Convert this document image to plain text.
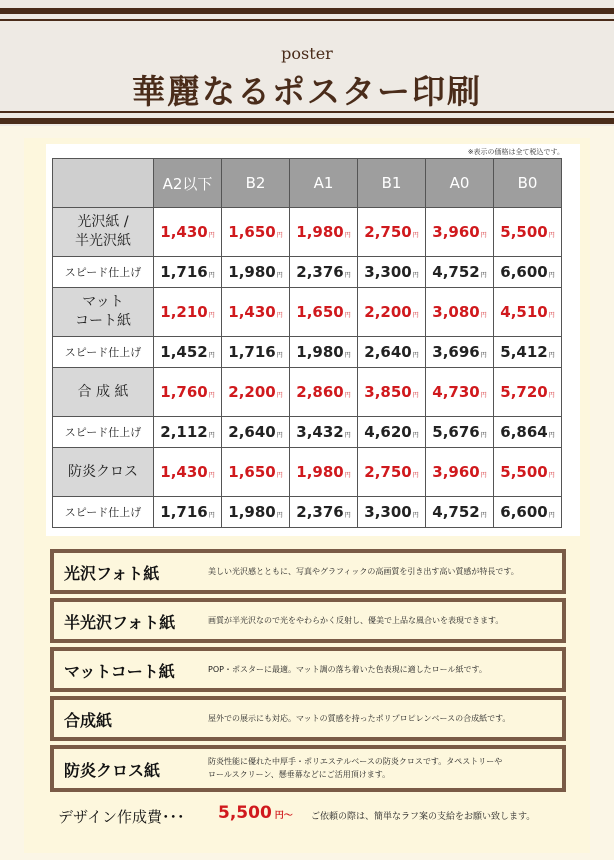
poster
華麗なるポスター印刷
※表示の価格は全て税込です。
	A2以下	B2	A1	B1	A0	B0

光沢紙 /
半光沢紙	1,430円	1,650円	1,980円	2,750円	3,960円	5,500円
スピード仕上げ	1,716円	1,980円	2,376円	3,300円	4,752円	6,600円

マット
コート紙	1,210円	1,430円	1,650円	2,200円	3,080円	4,510円
スピード仕上げ	1,452円	1,716円	1,980円	2,640円	3,696円	5,412円

合 成 紙	1,760円	2,200円	2,860円	3,850円	4,730円	5,720円
スピード仕上げ	2,112円	2,640円	3,432円	4,620円	5,676円	6,864円

防炎クロス	1,430円	1,650円	1,980円	2,750円	3,960円	5,500円
スピード仕上げ	1,716円	1,980円	2,376円	3,300円	4,752円	6,600円
光沢フォト紙	美しい光沢感とともに、写真やグラフィックの高画質を引き出す高い質感が特長です。
半光沢フォト紙	画質が半光沢なので光をやわらかく反射し、優美で上品な風合いを表現できます。
マットコート紙	POP・ポスターに最適。マット調の落ち着いた色表現に適したロール紙です。
合成紙	屋外での展示にも対応。マットの質感を持ったポリプロピレンベースの合成紙です。
防炎クロス紙	防炎性能に優れた中厚手・ポリエステルベースの防炎クロスです。タペストリーや
ロールスクリーン、懸垂幕などにご活用頂けます。
デザイン作成費･･･ 5,500 円～ ご依頼の際は、簡単なラフ案の支給をお願い致します。
